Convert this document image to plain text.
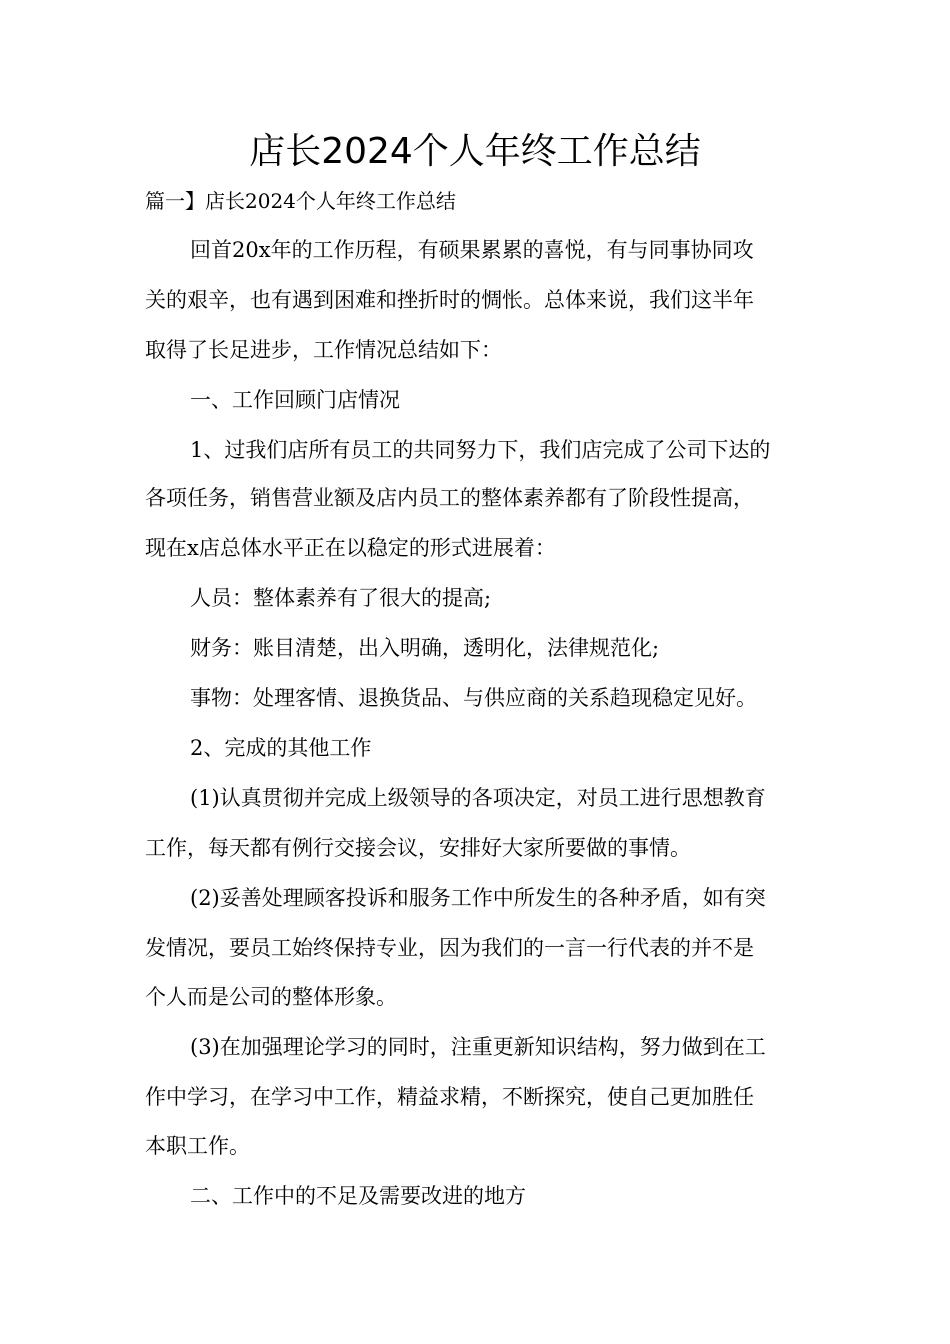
店长2024个人年终工作总结
篇一】店长2024个人年终工作总结
回首20x年的工作历程，有硕果累累的喜悦，有与同事协同攻
关的艰辛，也有遇到困难和挫折时的惆怅。总体来说，我们这半年
取得了长足进步，工作情况总结如下：
一、工作回顾门店情况
1、过我们店所有员工的共同努力下，我们店完成了公司下达的
各项任务，销售营业额及店内员工的整体素养都有了阶段性提高，
现在x店总体水平正在以稳定的形式进展着：
人员：整体素养有了很大的提高;
财务：账目清楚，出入明确，透明化，法律规范化;
事物：处理客情、退换货品、与供应商的关系趋现稳定见好。
2、完成的其他工作
(1)认真贯彻并完成上级领导的各项决定，对员工进行思想教育
工作，每天都有例行交接会议，安排好大家所要做的事情。
(2)妥善处理顾客投诉和服务工作中所发生的各种矛盾，如有突
发情况，要员工始终保持专业，因为我们的一言一行代表的并不是
个人而是公司的整体形象。
(3)在加强理论学习的同时，注重更新知识结构，努力做到在工
作中学习，在学习中工作，精益求精，不断探究，使自己更加胜任
本职工作。
二、工作中的不足及需要改进的地方
